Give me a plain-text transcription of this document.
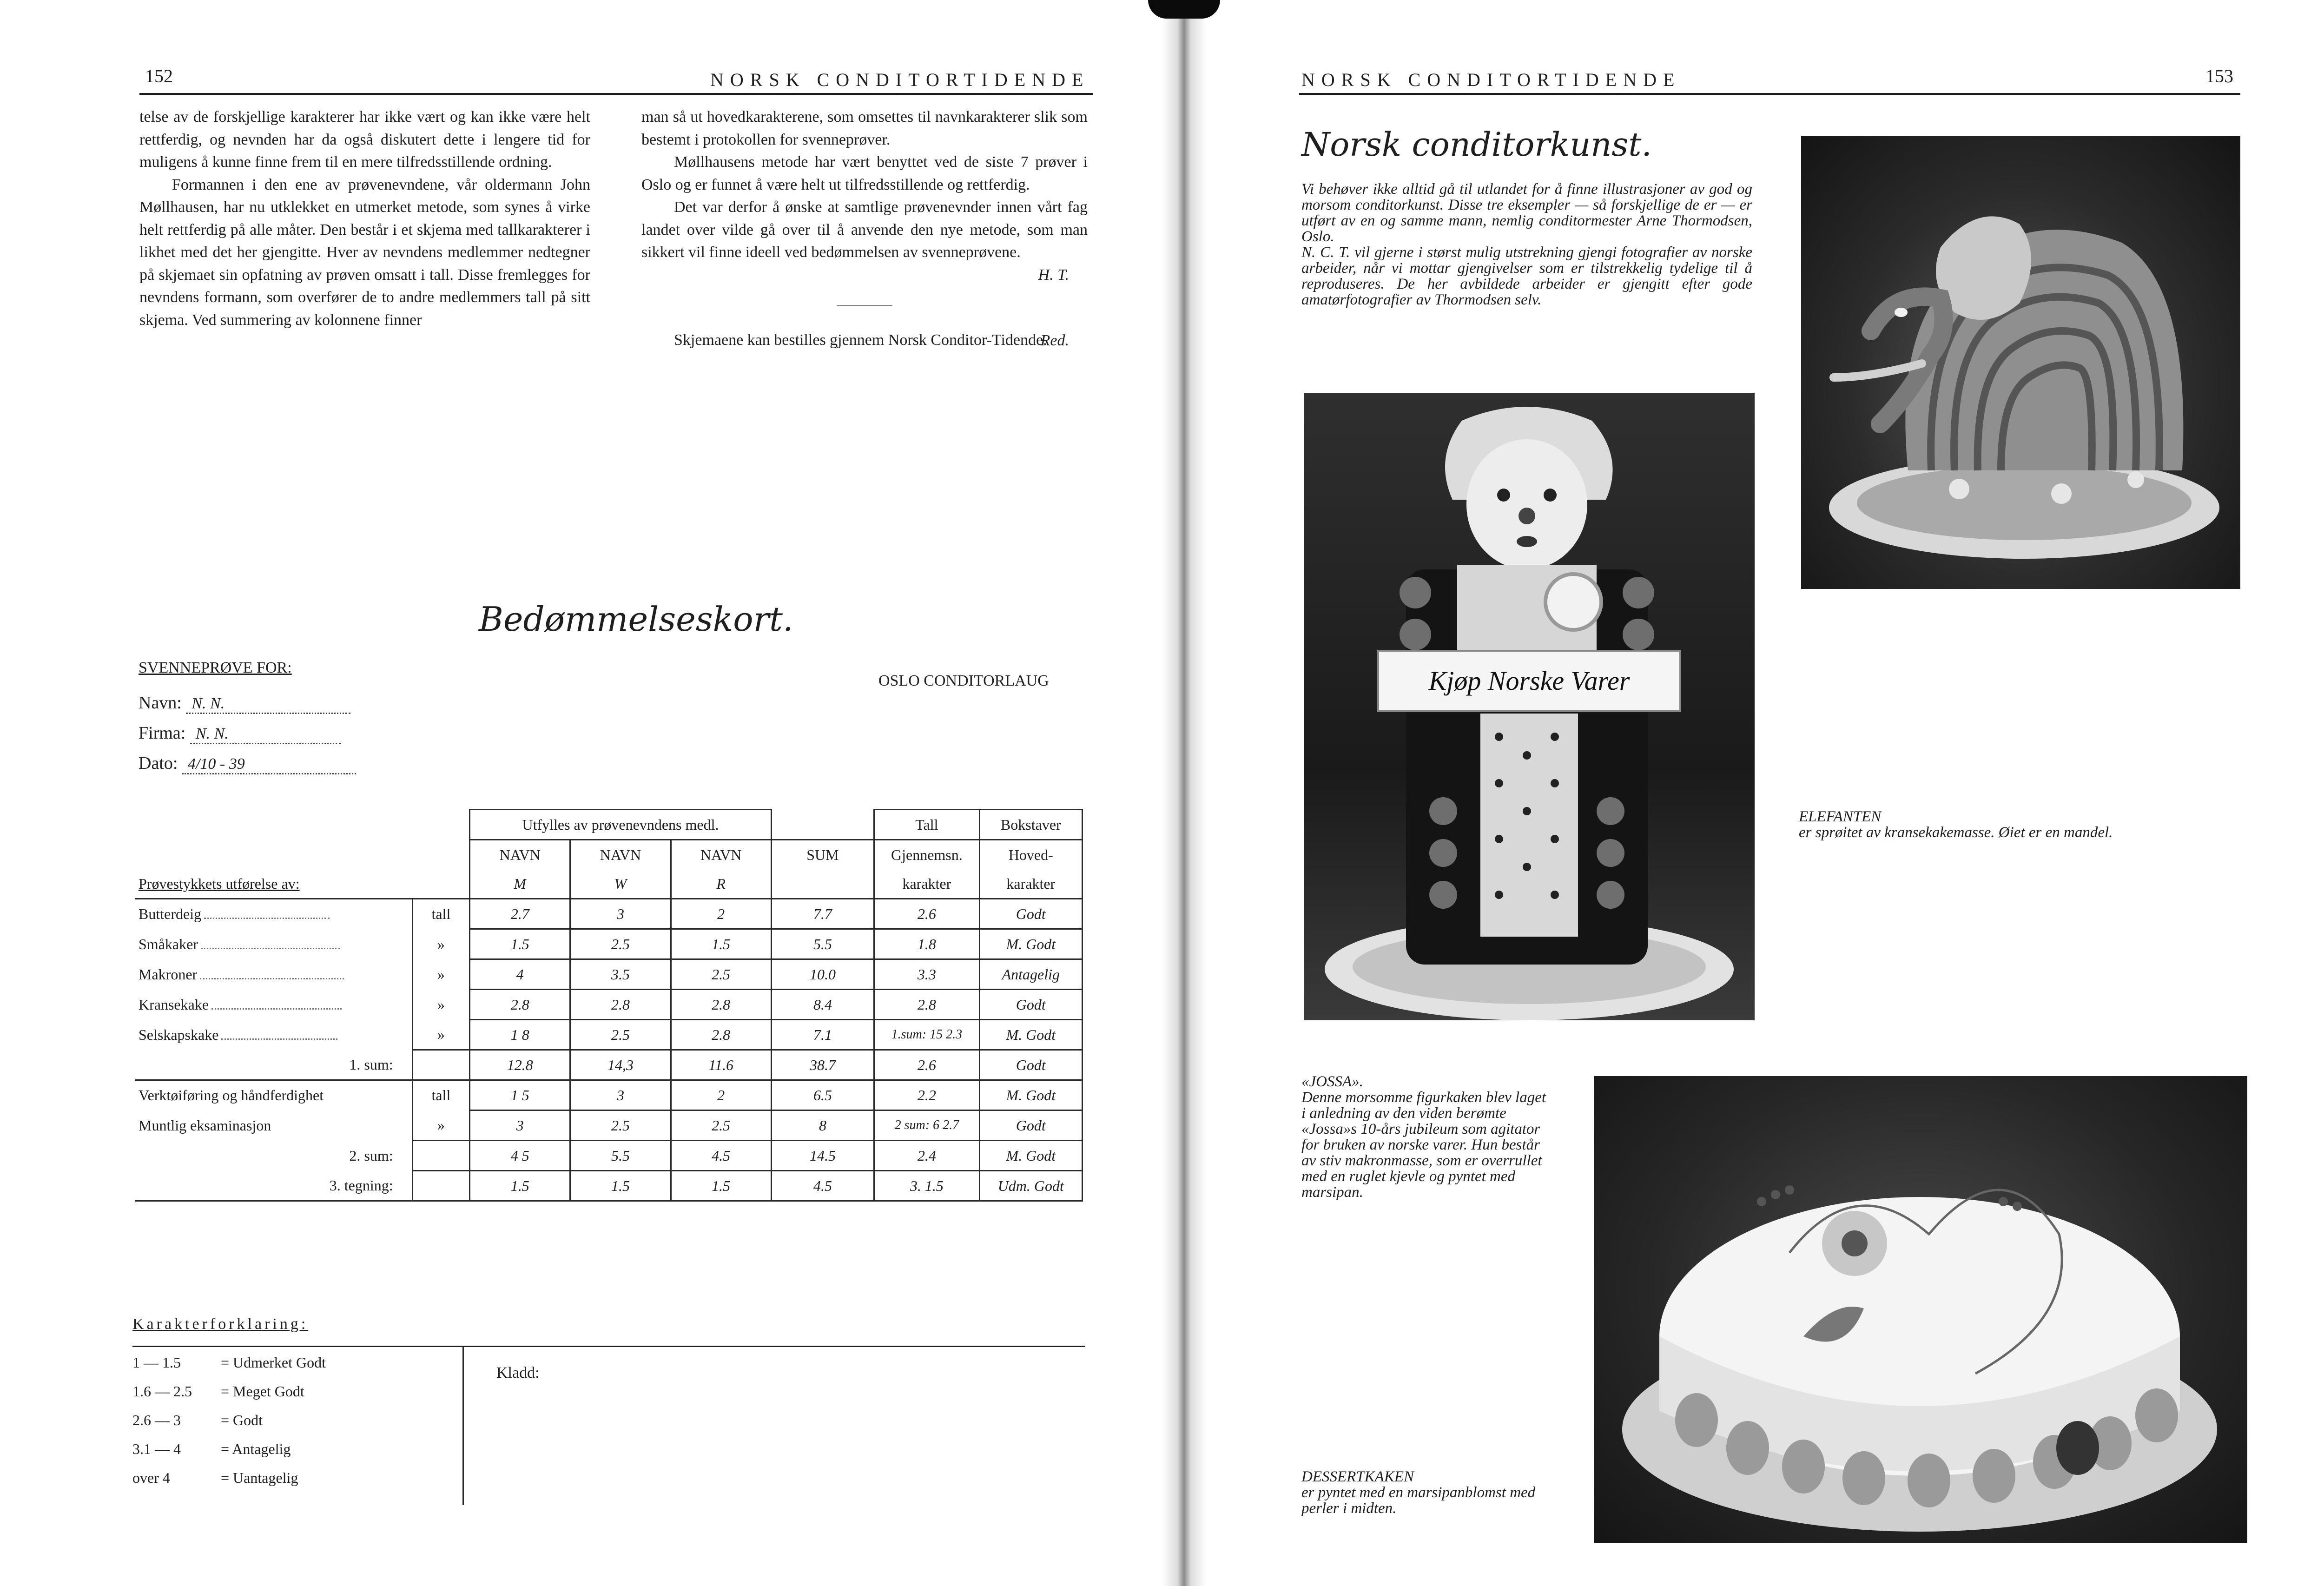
152	NORSK CONDITORTIDENDE

telse av de forskjellige karakterer har ikke vært og kan ikke være helt rettferdig, og nevnden har da også diskutert dette i lengere tid for muligens å kunne finne frem til en mere tilfredsstillende ordning.

Formannen i den ene av prøvenevndene, vår oldermann John Møllhausen, har nu utklekket en utmerket metode, som synes å virke helt rettferdig på alle måter. Den består i et skjema med tallkarakterer i likhet med det her gjengitte. Hver av nevndens medlemmer nedtegner på skjemaet sin opfatning av prøven omsatt i tall. Disse fremlegges for nevndens formann, som overfører de to andre medlemmers tall på sitt skjema. Ved summering av kolonnene finner

man så ut hovedkarakterene, som omsettes til navnkarakterer slik som bestemt i protokollen for svenneprøver.

Møllhausens metode har vært benyttet ved de siste 7 prøver i Oslo og er funnet å være helt ut tilfredsstillende og rettferdig.

Det var derfor å ønske at samtlige prøvenevnder innen vårt fag landet over vilde gå over til å anvende den nye metode, som man sikkert vil finne ideell ved bedømmelsen av svenneprøvene.

H. T.

Skjemaene kan bestilles gjennem Norsk Conditor-Tidende.

Red.
Bedømmelseskort.
SVENNEPRØVE FOR:
OSLO CONDITORLAUG
Navn: N. N.
Firma: N. N.
Dato: 4/10 - 39
		Utfylles av prøvenevndens medl.				Tall	Bokstaver
		NAVN	NAVN	NAVN	SUM	Gjennemsn.	Hoved-
Prøvestykkets utførelse av:		M	W	R		karakter	karakter
Butterdeig	tall	2.7	3	2	7.7	2.6	Godt
Småkaker	»	1.5	2.5	1.5	5.5	1.8	M. Godt
Makroner	»	4	3.5	2.5	10.0	3.3	Antagelig
Kransekake	»	2.8	2.8	2.8	8.4	2.8	Godt
Selskapskake	»	1 8	2.5	2.8	7.1	1.sum: 15 2.3	M. Godt
1. sum:		12.8	14,3	11.6	38.7	2.6	Godt
Verktøiføring og håndferdighet	tall	1 5	3	2	6.5	2.2	M. Godt
Muntlig eksaminasjon	»	3	2.5	2.5	8	2 sum: 6 2.7	Godt
2. sum:		4 5	5.5	4.5	14.5	2.4	M. Godt
3. tegning:		1.5	1.5	1.5	4.5	3. 1.5	Udm. Godt
Karakterforklaring:
1 — 1.5	= Udmerket Godt
1.6 — 2.5 = Meget Godt
2.6 — 3	= Godt
3.1 — 4	= Antagelig
over 4	= Uantagelig
Kladd:
NORSK CONDITORTIDENDE	153
Norsk conditorkunst.
Vi behøver ikke alltid gå til utlandet for å finne illustrasjoner av god og morsom conditorkunst. Disse tre eksempler — så forskjellige de er — er utført av en og samme mann, nemlig conditormester Arne Thormodsen, Oslo.
N. C. T. vil gjerne i størst mulig utstrekning gjengi fotografier av norske arbeider, når vi mottar gjengivelser som er tilstrekkelig tydelige til å reproduseres. De her avbildede arbeider er gjengitt efter gode amatørfotografier av Thormodsen selv.
ELEFANTEN
er sprøitet av kransekakemasse. Øiet er en mandel.
Kjøp Norske Varer
«JOSSA».
Denne morsomme figurkaken blev laget i anledning av den viden berømte «Jossa»s 10-års jubileum som agitator for bruken av norske varer. Hun består av stiv makronmasse, som er overrullet med en ruglet kjevle og pyntet med marsipan.
DESSERTKAKEN
er pyntet med en marsipanblomst med perler i midten.
